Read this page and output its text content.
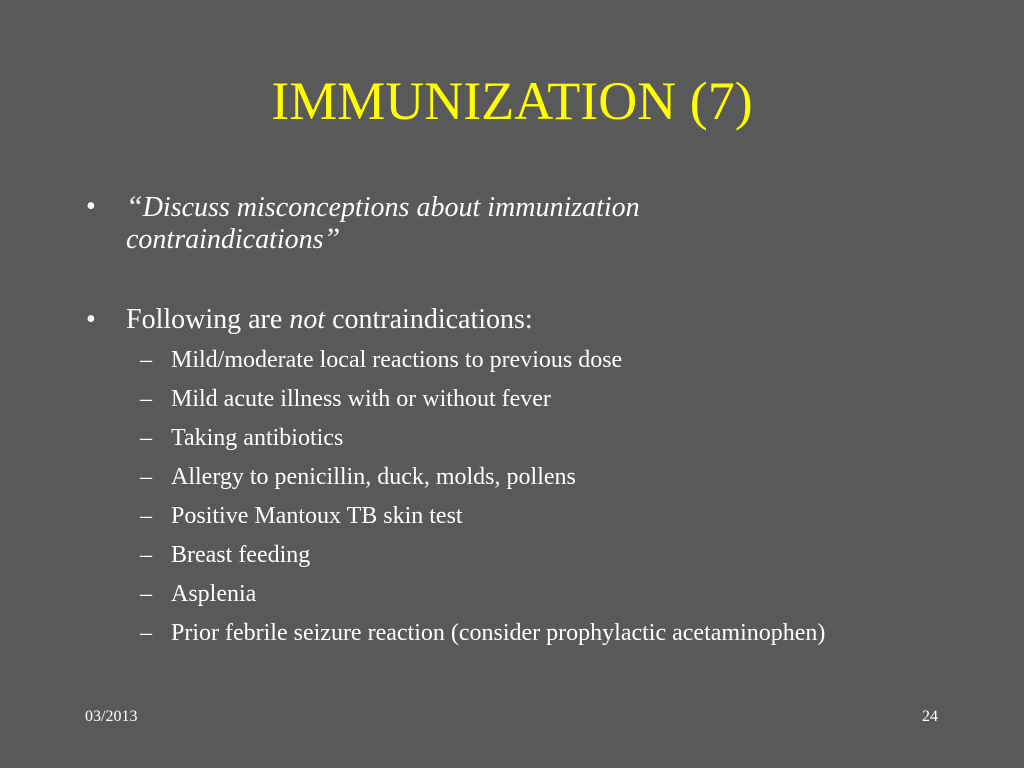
IMMUNIZATION (7)
• “Discuss misconceptions about immunization
contraindications”
• Following are not contraindications:
– Mild/moderate local reactions to previous dose
– Mild acute illness with or without fever
– Taking antibiotics
– Allergy to penicillin, duck, molds, pollens
– Positive Mantoux TB skin test
– Breast feeding
– Asplenia
– Prior febrile seizure reaction (consider prophylactic acetaminophen)
03/2013	24
